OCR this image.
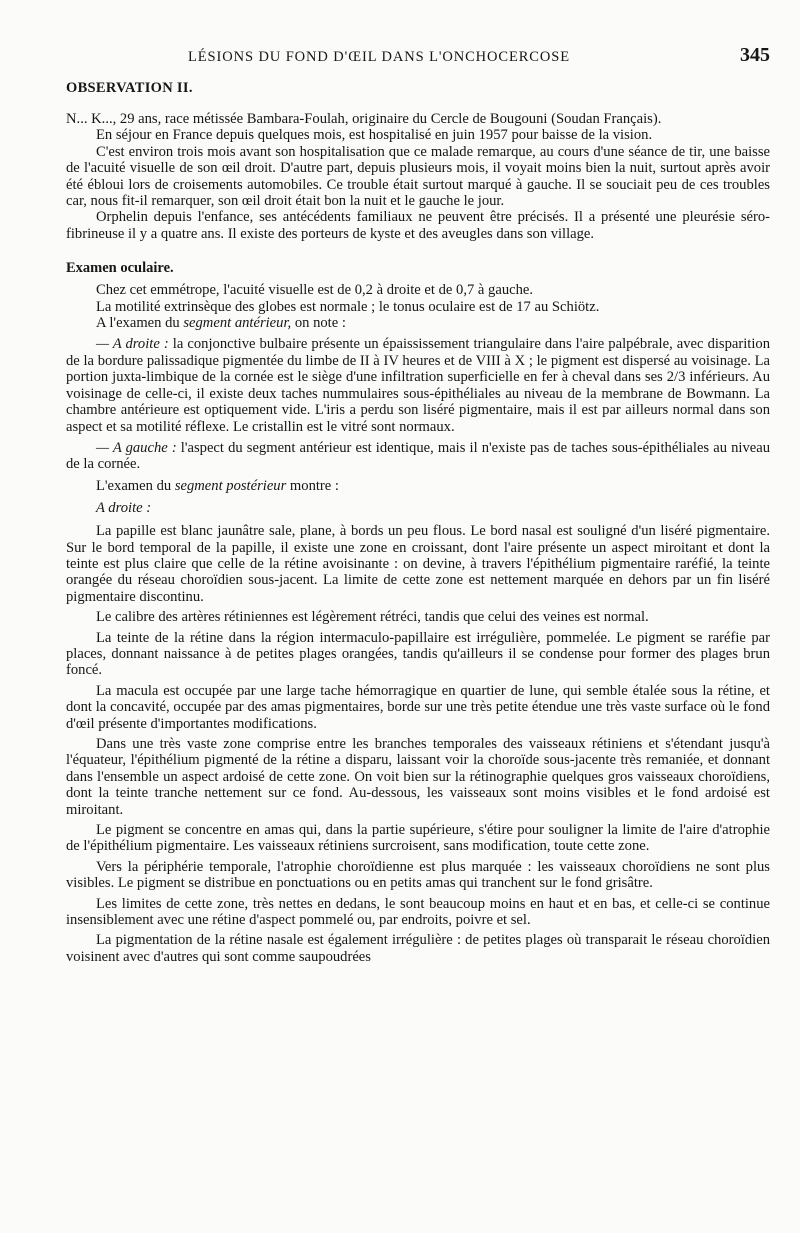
LÉSIONS DU FOND D'ŒIL DANS L'ONCHOCERCOSE	345
OBSERVATION II.

N... K..., 29 ans, race métissée Bambara-Foulah, originaire du Cercle de Bougouni (Soudan Français).

En séjour en France depuis quelques mois, est hospitalisé en juin 1957 pour baisse de la vision.

C'est environ trois mois avant son hospitalisation que ce malade remarque, au cours d'une séance de tir, une baisse de l'acuité visuelle de son œil droit. D'autre part, depuis plusieurs mois, il voyait moins bien la nuit, surtout après avoir été ébloui lors de croisements automobiles. Ce trouble était surtout marqué à gauche. Il se souciait peu de ces troubles car, nous fit-il remarquer, son œil droit était bon la nuit et le gauche le jour.

Orphelin depuis l'enfance, ses antécédents familiaux ne peuvent être précisés. Il a présenté une pleurésie séro-fibrineuse il y a quatre ans. Il existe des porteurs de kyste et des aveugles dans son village.

Examen oculaire.

Chez cet emmétrope, l'acuité visuelle est de 0,2 à droite et de 0,7 à gauche.

La motilité extrinsèque des globes est normale ; le tonus oculaire est de 17 au Schiötz.

A l'examen du segment antérieur, on note :

— A droite : la conjonctive bulbaire présente un épaississement triangulaire dans l'aire palpébrale, avec disparition de la bordure palissadique pigmentée du limbe de II à IV heures et de VIII à X ; le pigment est dispersé au voisinage. La portion juxta-limbique de la cornée est le siège d'une infiltration superficielle en fer à cheval dans ses 2/3 inférieurs. Au voisinage de celle-ci, il existe deux taches nummulaires sous-épithéliales au niveau de la membrane de Bowmann. La chambre antérieure est optiquement vide. L'iris a perdu son liséré pigmentaire, mais il est par ailleurs normal dans son aspect et sa motilité réflexe. Le cristallin est le vitré sont normaux.

— A gauche : l'aspect du segment antérieur est identique, mais il n'existe pas de taches sous-épithéliales au niveau de la cornée.

L'examen du segment postérieur montre :

A droite :

La papille est blanc jaunâtre sale, plane, à bords un peu flous. Le bord nasal est souligné d'un liséré pigmentaire. Sur le bord temporal de la papille, il existe une zone en croissant, dont l'aire présente un aspect miroitant et dont la teinte est plus claire que celle de la rétine avoisinante : on devine, à travers l'épithélium pigmentaire raréfié, la teinte orangée du réseau choroïdien sous-jacent. La limite de cette zone est nettement marquée en dehors par un fin liséré pigmentaire discontinu.

Le calibre des artères rétiniennes est légèrement rétréci, tandis que celui des veines est normal.

La teinte de la rétine dans la région intermaculo-papillaire est irrégulière, pommelée. Le pigment se raréfie par places, donnant naissance à de petites plages orangées, tandis qu'ailleurs il se condense pour former des plages brun foncé.

La macula est occupée par une large tache hémorragique en quartier de lune, qui semble étalée sous la rétine, et dont la concavité, occupée par des amas pigmentaires, borde sur une très petite étendue une très vaste surface où le fond d'œil présente d'importantes modifications.

Dans une très vaste zone comprise entre les branches temporales des vaisseaux rétiniens et s'étendant jusqu'à l'équateur, l'épithélium pigmenté de la rétine a disparu, laissant voir la choroïde sous-jacente très remaniée, et donnant dans l'ensemble un aspect ardoisé de cette zone. On voit bien sur la rétinographie quelques gros vaisseaux choroïdiens, dont la teinte tranche nettement sur ce fond. Au-dessous, les vaisseaux sont moins visibles et le fond ardoisé est miroitant.

Le pigment se concentre en amas qui, dans la partie supérieure, s'étire pour souligner la limite de l'aire d'atrophie de l'épithélium pigmentaire. Les vaisseaux rétiniens surcroisent, sans modification, toute cette zone.

Vers la périphérie temporale, l'atrophie choroïdienne est plus marquée : les vaisseaux choroïdiens ne sont plus visibles. Le pigment se distribue en ponctuations ou en petits amas qui tranchent sur le fond grisâtre.

Les limites de cette zone, très nettes en dedans, le sont beaucoup moins en haut et en bas, et celle-ci se continue insensiblement avec une rétine d'aspect pommelé ou, par endroits, poivre et sel.

La pigmentation de la rétine nasale est également irrégulière : de petites plages où transparait le réseau choroïdien voisinent avec d'autres qui sont comme saupoudrées
